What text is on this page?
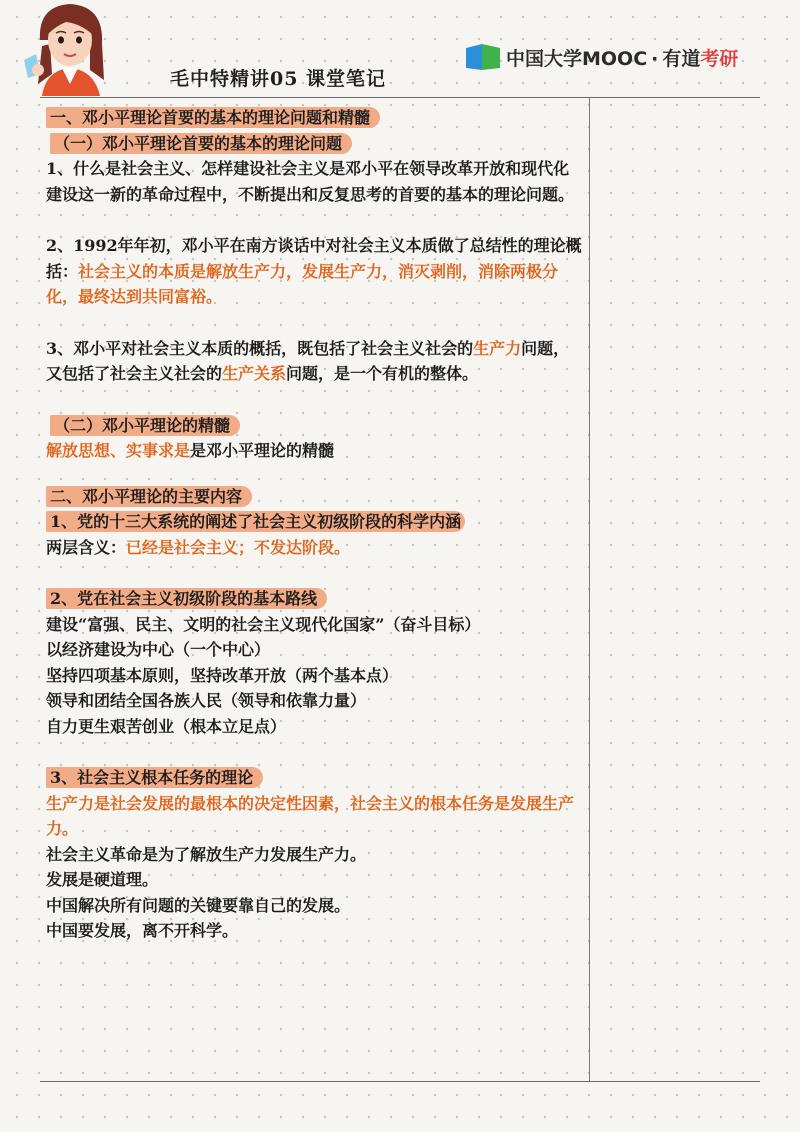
毛中特精讲05 课堂笔记
中国大学MOOC · 有道考研

一、邓小平理论首要的基本的理论问题和精髓

（一）邓小平理论首要的基本的理论问题

1、什么是社会主义、怎样建设社会主义是邓小平在领导改革开放和现代化建设这一新的革命过程中，不断提出和反复思考的首要的基本的理论问题。

2、1992年年初，邓小平在南方谈话中对社会主义本质做了总结性的理论概括：社会主义的本质是解放生产力，发展生产力，消灭剥削，消除两极分化，最终达到共同富裕。

3、邓小平对社会主义本质的概括，既包括了社会主义社会的生产力问题，又包括了社会主义社会的生产关系问题，是一个有机的整体。

（二）邓小平理论的精髓

解放思想、实事求是是邓小平理论的精髓

二、邓小平理论的主要内容

1、党的十三大系统的阐述了社会主义初级阶段的科学内涵

两层含义：已经是社会主义；不发达阶段。

2、党在社会主义初级阶段的基本路线

建设“富强、民主、文明的社会主义现代化国家”（奋斗目标）

以经济建设为中心（一个中心）

坚持四项基本原则，坚持改革开放（两个基本点）

领导和团结全国各族人民（领导和依靠力量）

自力更生艰苦创业（根本立足点）

3、社会主义根本任务的理论

生产力是社会发展的最根本的决定性因素，社会主义的根本任务是发展生产力。

社会主义革命是为了解放生产力发展生产力。

发展是硬道理。

中国解决所有问题的关键要靠自己的发展。

中国要发展，离不开科学。
